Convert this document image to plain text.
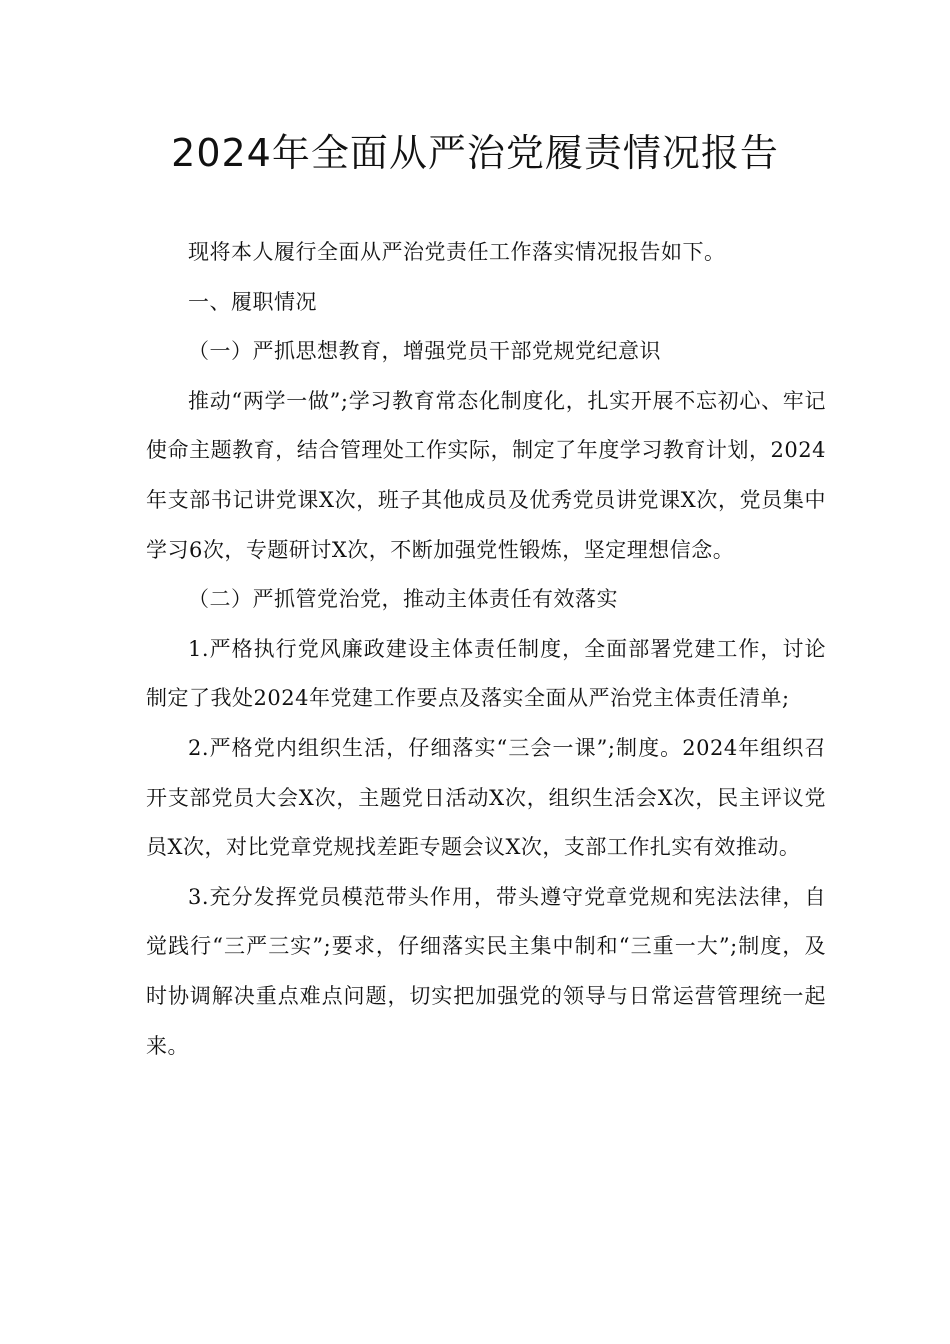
2024年全面从严治党履责情况报告

现将本人履行全面从严治党责任工作落实情况报告如下。

一、履职情况

（一）严抓思想教育，增强党员干部党规党纪意识

推动“两学一做”;学习教育常态化制度化，扎实开展不忘初心、牢记使命主题教育，结合管理处工作实际，制定了年度学习教育计划，2024年支部书记讲党课X次，班子其他成员及优秀党员讲党课X次，党员集中学习6次，专题研讨X次，不断加强党性锻炼，坚定理想信念。

（二）严抓管党治党，推动主体责任有效落实

1.严格执行党风廉政建设主体责任制度，全面部署党建工作，讨论制定了我处2024年党建工作要点及落实全面从严治党主体责任清单;

2.严格党内组织生活，仔细落实“三会一课”;制度。2024年组织召开支部党员大会X次，主题党日活动X次，组织生活会X次，民主评议党员X次，对比党章党规找差距专题会议X次，支部工作扎实有效推动。

3.充分发挥党员模范带头作用，带头遵守党章党规和宪法法律，自觉践行“三严三实”;要求，仔细落实民主集中制和“三重一大”;制度，及时协调解决重点难点问题，切实把加强党的领导与日常运营管理统一起来。
